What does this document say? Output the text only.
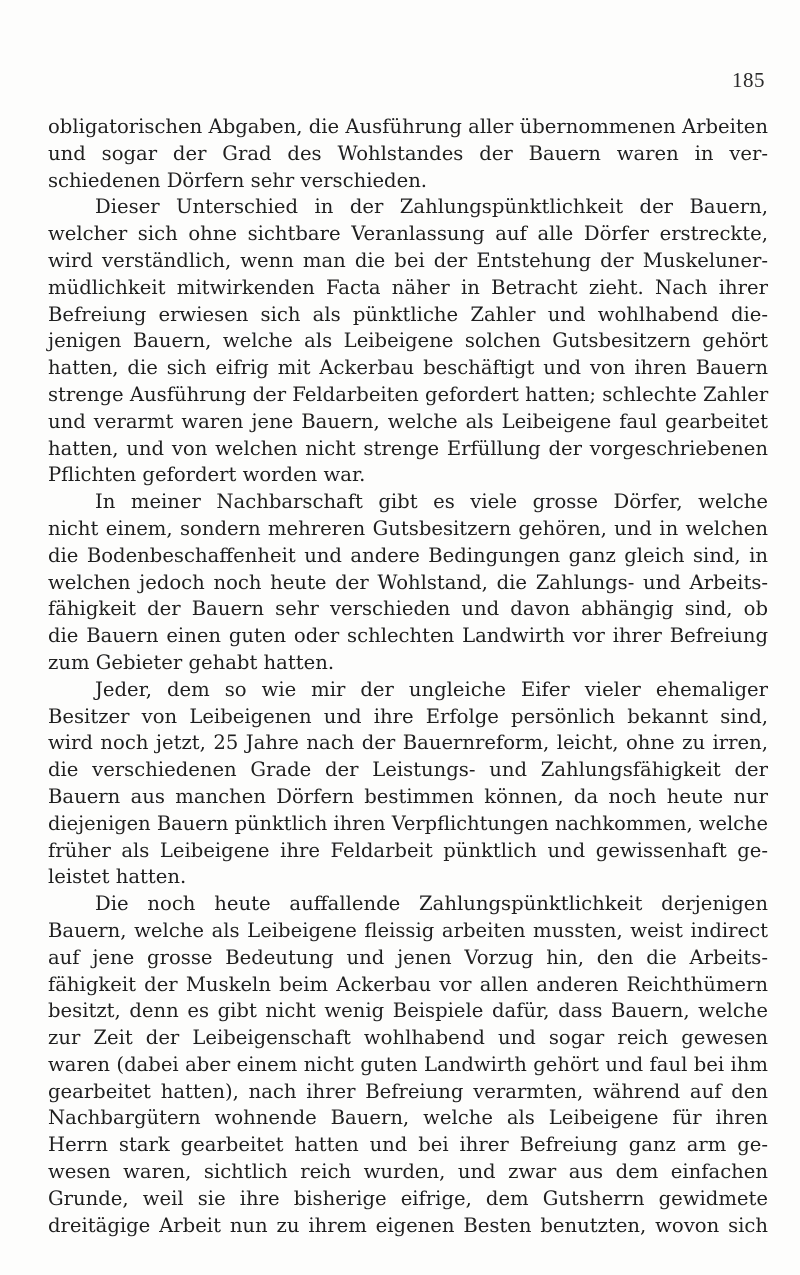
185
obligatorischen Abgaben, die Ausführung aller übernommenen Arbeiten
und sogar der Grad des Wohlstandes der Bauern waren in ver-
schiedenen Dörfern sehr verschieden.
Dieser Unterschied in der Zahlungspünktlichkeit der Bauern,
welcher sich ohne sichtbare Veranlassung auf alle Dörfer erstreckte,
wird verständlich, wenn man die bei der Entstehung der Muskeluner-
müdlichkeit mitwirkenden Facta näher in Betracht zieht. Nach ihrer
Befreiung erwiesen sich als pünktliche Zahler und wohlhabend die-
jenigen Bauern, welche als Leibeigene solchen Gutsbesitzern gehört
hatten, die sich eifrig mit Ackerbau beschäftigt und von ihren Bauern
strenge Ausführung der Feldarbeiten gefordert hatten; schlechte Zahler
und verarmt waren jene Bauern, welche als Leibeigene faul gearbeitet
hatten, und von welchen nicht strenge Erfüllung der vorgeschriebenen
Pflichten gefordert worden war.
In meiner Nachbarschaft gibt es viele grosse Dörfer, welche
nicht einem, sondern mehreren Gutsbesitzern gehören, und in welchen
die Bodenbeschaffenheit und andere Bedingungen ganz gleich sind, in
welchen jedoch noch heute der Wohlstand, die Zahlungs- und Arbeits-
fähigkeit der Bauern sehr verschieden und davon abhängig sind, ob
die Bauern einen guten oder schlechten Landwirth vor ihrer Befreiung
zum Gebieter gehabt hatten.
Jeder, dem so wie mir der ungleiche Eifer vieler ehemaliger
Besitzer von Leibeigenen und ihre Erfolge persönlich bekannt sind,
wird noch jetzt, 25 Jahre nach der Bauernreform, leicht, ohne zu irren,
die verschiedenen Grade der Leistungs- und Zahlungsfähigkeit der
Bauern aus manchen Dörfern bestimmen können, da noch heute nur
diejenigen Bauern pünktlich ihren Verpflichtungen nachkommen, welche
früher als Leibeigene ihre Feldarbeit pünktlich und gewissenhaft ge-
leistet hatten.
Die noch heute auffallende Zahlungspünktlichkeit derjenigen
Bauern, welche als Leibeigene fleissig arbeiten mussten, weist indirect
auf jene grosse Bedeutung und jenen Vorzug hin, den die Arbeits-
fähigkeit der Muskeln beim Ackerbau vor allen anderen Reichthümern
besitzt, denn es gibt nicht wenig Beispiele dafür, dass Bauern, welche
zur Zeit der Leibeigenschaft wohlhabend und sogar reich gewesen
waren (dabei aber einem nicht guten Landwirth gehört und faul bei ihm
gearbeitet hatten), nach ihrer Befreiung verarmten, während auf den
Nachbargütern wohnende Bauern, welche als Leibeigene für ihren
Herrn stark gearbeitet hatten und bei ihrer Befreiung ganz arm ge-
wesen waren, sichtlich reich wurden, und zwar aus dem einfachen
Grunde, weil sie ihre bisherige eifrige, dem Gutsherrn gewidmete
dreitägige Arbeit nun zu ihrem eigenen Besten benutzten, wovon sich
